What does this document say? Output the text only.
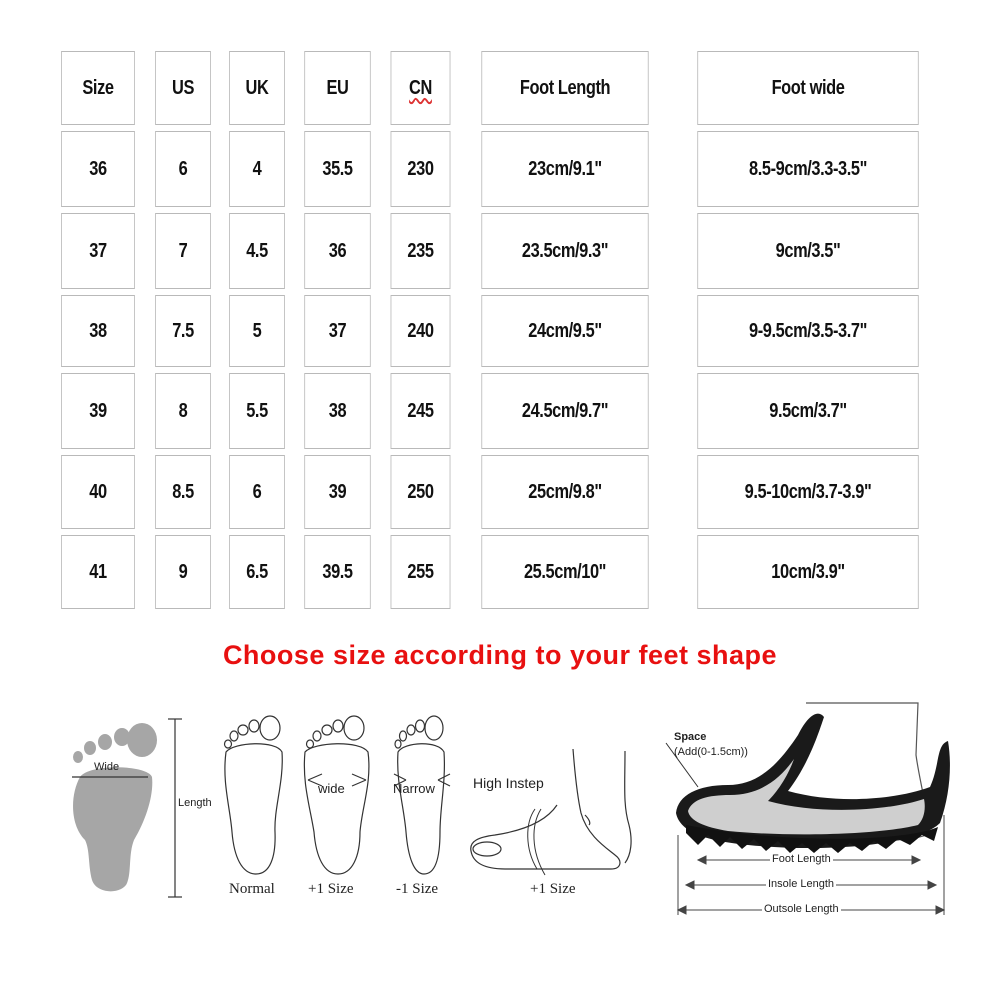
Size	US	UK	EU	CN	Foot Length	Foot wide
36	6	4	35.5	230	23cm/9.1"	8.5-9cm/3.3-3.5"
37	7	4.5	36	235	23.5cm/9.3"	9cm/3.5"
38	7.5	5	37	240	24cm/9.5"	9-9.5cm/3.5-3.7"
39	8	5.5	38	245	24.5cm/9.7"	9.5cm/3.7"
40	8.5	6	39	250	25cm/9.8"	9.5-10cm/3.7-3.9"
41	9	6.5	39.5	255	25.5cm/10"	10cm/3.9"
Choose size according to your feet shape
Wide
Length
Normal
wide
+1 Size
Narrow
-1 Size
High Instep
+1 Size
Space
(Add(0-1.5cm))
Foot Length
Insole Length
Outsole Length
